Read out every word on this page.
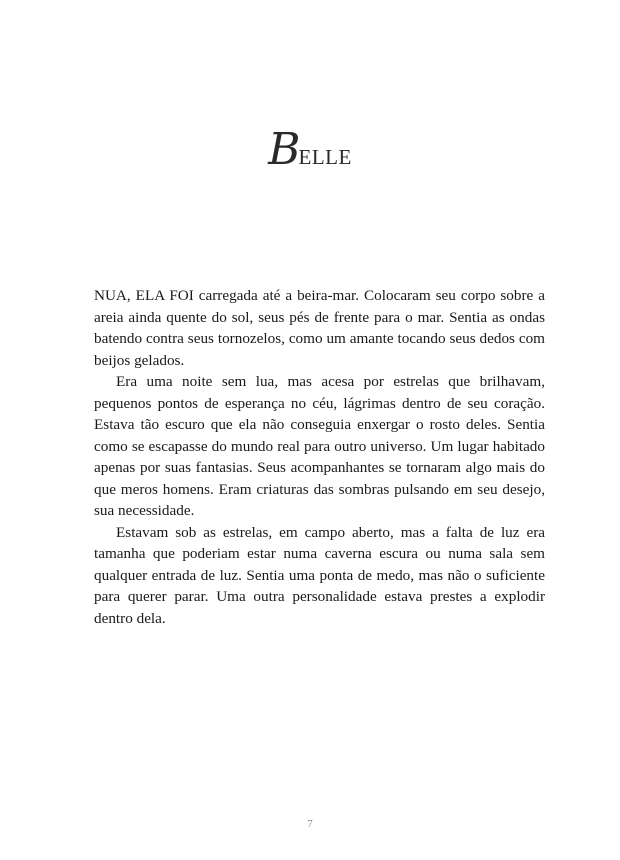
BELLE

NUA, ELA FOI carregada até a beira-mar. Colocaram seu corpo sobre a areia ainda quente do sol, seus pés de frente para o mar. Sentia as ondas batendo contra seus tornozelos, como um amante tocando seus dedos com beijos gelados.

Era uma noite sem lua, mas acesa por estrelas que brilhavam, pequenos pontos de esperança no céu, lágrimas dentro de seu coração. Estava tão escuro que ela não conseguia enxergar o rosto deles. Sentia como se escapasse do mundo real para outro universo. Um lugar habitado apenas por suas fantasias. Seus acompanhantes se tornaram algo mais do que meros homens. Eram criaturas das sombras pulsando em seu desejo, sua necessidade.

Estavam sob as estrelas, em campo aberto, mas a falta de luz era tamanha que poderiam estar numa caverna escura ou numa sala sem qualquer entrada de luz. Sentia uma ponta de medo, mas não o suficiente para querer parar. Uma outra personalidade estava prestes a explodir dentro dela.

7
